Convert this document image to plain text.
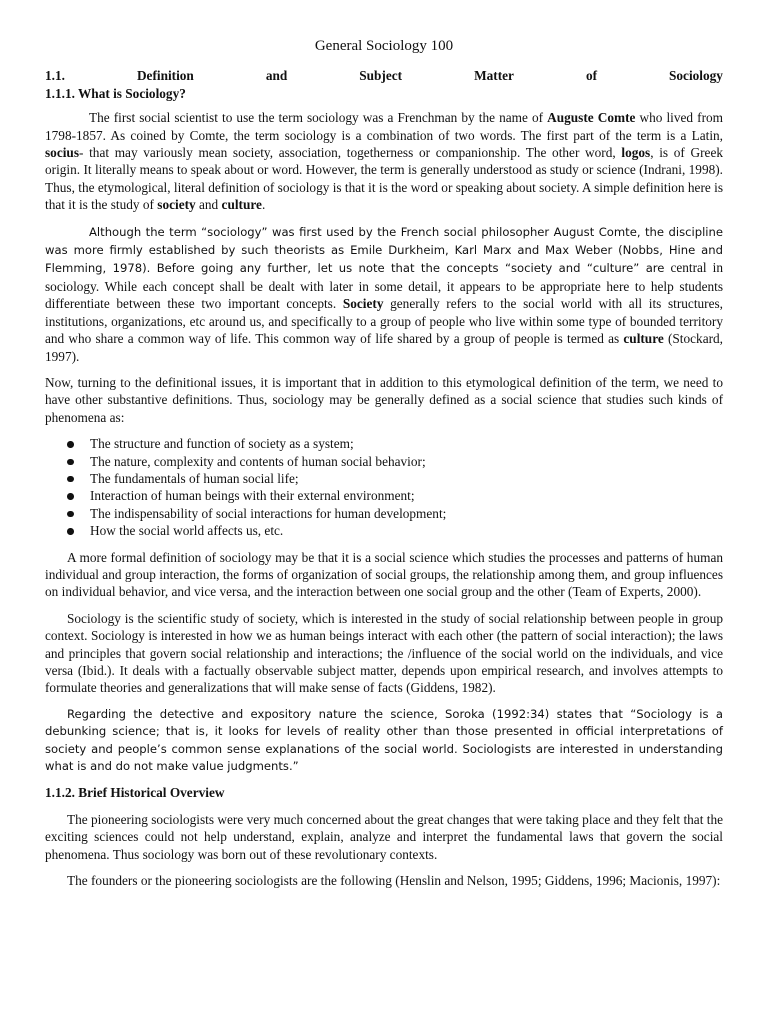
General Sociology 100
1.1.	Definition	and	Subject	Matter	of	Sociology
1.1.1. What is Sociology?

The first social scientist to use the term sociology was a Frenchman by the name of Auguste Comte who lived from 1798-1857. As coined by Comte, the term sociology is a combination of two words. The first part of the term is a Latin, socius- that may variously mean society, association, togetherness or companionship. The other word, logos, is of Greek origin. It literally means to speak about or word. However, the term is generally understood as study or science (Indrani, 1998). Thus, the etymological, literal definition of sociology is that it is the word or speaking about society. A simple definition here is that it is the study of society and culture.

Although the term “sociology” was first used by the French social philosopher August Comte, the discipline was more firmly established by such theorists as Emile Durkheim, Karl Marx and Max Weber (Nobbs, Hine and Flemming, 1978). Before going any further, let us note that the concepts “society and “culture” are central in sociology. While each concept shall be dealt with later in some detail, it appears to be appropriate here to help students differentiate between these two important concepts. Society generally refers to the social world with all its structures, institutions, organizations, etc around us, and specifically to a group of people who live within some type of bounded territory and who share a common way of life. This common way of life shared by a group of people is termed as culture (Stockard, 1997).

Now, turning to the definitional issues, it is important that in addition to this etymological definition of the term, we need to have other substantive definitions. Thus, sociology may be generally defined as a social science that studies such kinds of phenomena as:

The structure and function of society as a system;
The nature, complexity and contents of human social behavior;
The fundamentals of human social life;
Interaction of human beings with their external environment;
The indispensability of social interactions for human development;
How the social world affects us, etc.

A more formal definition of sociology may be that it is a social science which studies the processes and patterns of human individual and group interaction, the forms of organization of social groups, the relationship among them, and group influences on individual behavior, and vice versa, and the interaction between one social group and the other (Team of Experts, 2000).

Sociology is the scientific study of society, which is interested in the study of social relationship between people in group context. Sociology is interested in how we as human beings interact with each other (the pattern of social interaction); the laws and principles that govern social relationship and interactions; the /influence of the social world on the individuals, and vice versa (Ibid.). It deals with a factually observable subject matter, depends upon empirical research, and involves attempts to formulate theories and generalizations that will make sense of facts (Giddens, 1982).

Regarding the detective and expository nature the science, Soroka (1992:34) states that “Sociology is a debunking science; that is, it looks for levels of reality other than those presented in official interpretations of society and people’s common sense explanations of the social world. Sociologists are interested in understanding what is and do not make value judgments.”

1.1.2. Brief Historical Overview

The pioneering sociologists were very much concerned about the great changes that were taking place and they felt that the exciting sciences could not help understand, explain, analyze and interpret the fundamental laws that govern the social phenomena. Thus sociology was born out of these revolutionary contexts.

The founders or the pioneering sociologists are the following (Henslin and Nelson, 1995; Giddens, 1996; Macionis, 1997):
